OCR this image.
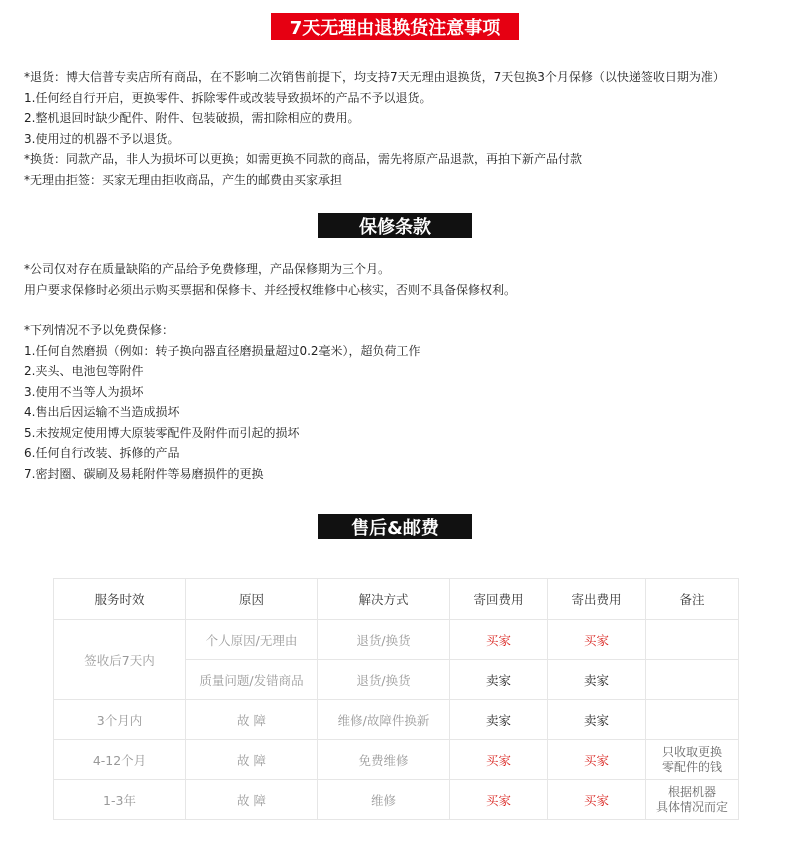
7天无理由退换货注意事项
*退货：博大信普专卖店所有商品，在不影响二次销售前提下，均支持7天无理由退换货，7天包换3个月保修（以快递签收日期为准）
1.任何经自行开启，更换零件、拆除零件或改装导致损坏的产品不予以退货。
2.整机退回时缺少配件、附件、包装破损，需扣除相应的费用。
3.使用过的机器不予以退货。
*换货：同款产品，非人为损坏可以更换；如需更换不同款的商品，需先将原产品退款，再拍下新产品付款
*无理由拒签：买家无理由拒收商品，产生的邮费由买家承担
保修条款
*公司仅对存在质量缺陷的产品给予免费修理，产品保修期为三个月。
用户要求保修时必须出示购买票据和保修卡、并经授权维修中心核实，否则不具备保修权利。
*下列情况不予以免费保修：
1.任何自然磨损（例如：转子换向器直径磨损量超过0.2毫米），超负荷工作
2.夹头、电池包等附件
3.使用不当等人为损坏
4.售出后因运输不当造成损坏
5.未按规定使用博大原装零配件及附件而引起的损坏
6.任何自行改装、拆修的产品
7.密封圈、碳刷及易耗附件等易磨损件的更换
售后&邮费
服务时效	原因	解决方式	寄回费用	寄出费用	备注
签收后7天内	个人原因/无理由	退货/换货	买家	买家	
	质量问题/发错商品	退货/换货	卖家	卖家	
3个月内	故 障	维修/故障件换新	卖家	卖家	
4-12个月	故 障	免费维修	买家	买家	只收取更换
零配件的钱

1-3年	故 障	维修	买家	买家	根据机器
具体情况而定
